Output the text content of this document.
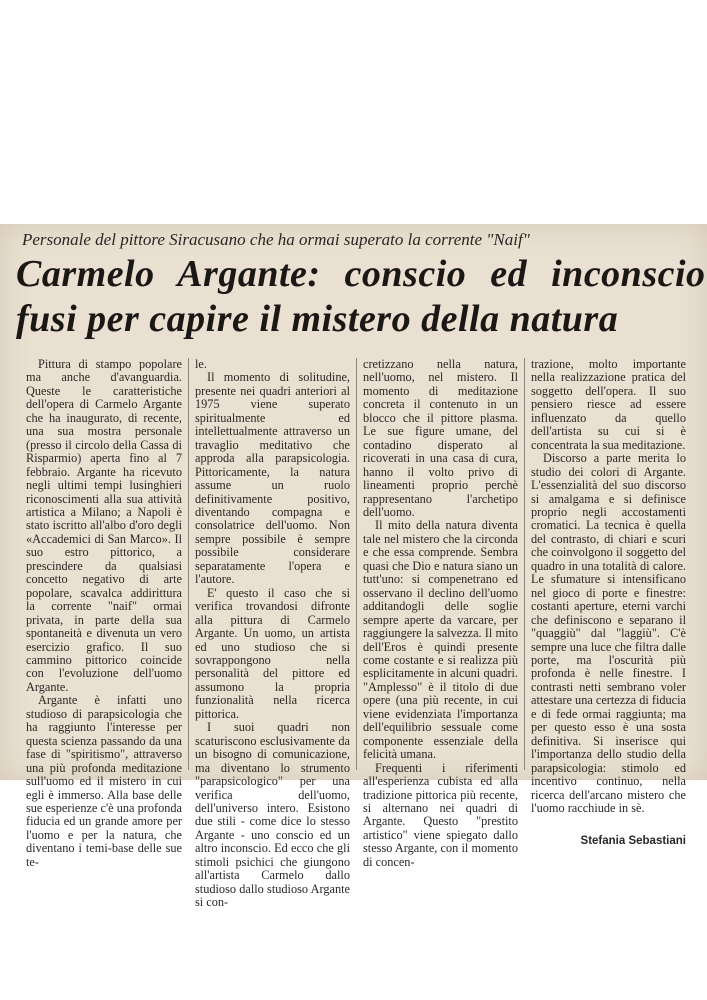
Personale del pittore Siracusano che ha ormai superato la corrente "Naif"
Carmelo Argante: conscio ed inconscio
fusi per capire il mistero della natura

Pittura di stampo popolare ma anche d'avanguardia. Queste le caratteristiche dell'opera di Carmelo Argante che ha inaugurato, di recente, una sua mostra personale (presso il circolo della Cassa di Risparmio) aperta fino al 7 febbraio. Argante ha ricevuto negli ultimi tempi lusinghieri riconoscimenti alla sua attività artistica a Milano; a Napoli è stato iscritto all'albo d'oro degli «Accademici di San Marco». Il suo estro pittorico, a prescindere da qualsiasi concetto negativo di arte popolare, scavalca addirittura la corrente "naif" ormai privata, in parte della sua spontaneità e divenuta un vero esercizio grafico. Il suo cammino pittorico coincide con l'evoluzione dell'uomo Argante.

Argante è infatti uno studioso di parapsicologia che ha raggiunto l'interesse per questa scienza passando da una fase di "spiritismo", attraverso una più profonda meditazione sull'uomo ed il mistero in cui egli è immerso. Alla base delle sue esperienze c'è una profonda fiducia ed un grande amore per l'uomo e per la natura, che diventano i temi-base delle sue te-

le.

Il momento di solitudine, presente nei quadri anteriori al 1975 viene superato spiritualmente ed intellettualmente attraverso un travaglio meditativo che approda alla parapsicologia. Pittoricamente, la natura assume un ruolo definitivamente positivo, diventando compagna e consolatrice dell'uomo. Non sempre possibile è sempre possibile considerare separatamente l'opera e l'autore.

E' questo il caso che si verifica trovandosi difronte alla pittura di Carmelo Argante. Un uomo, un artista ed uno studioso che si sovrappongono nella personalità del pittore ed assumono la propria funzionalità nella ricerca pittorica.

I suoi quadri non scaturiscono esclusivamente da un bisogno di comunicazione, ma diventano lo strumento "parapsicologico" per una verifica dell'uomo, dell'universo intero. Esistono due stili - come dice lo stesso Argante - uno conscio ed un altro inconscio. Ed ecco che gli stimoli psichici che giungono all'artista Carmelo dallo studioso dallo studioso Argante si con-

cretizzano nella natura, nell'uomo, nel mistero. Il momento di meditazione concreta il contenuto in un blocco che il pittore plasma. Le sue figure umane, del contadino disperato al ricoverati in una casa di cura, hanno il volto privo di lineamenti proprio perchè rappresentano l'archetipo dell'uomo.

Il mito della natura diventa tale nel mistero che la circonda e che essa comprende. Sembra quasi che Dio e natura siano un tutt'uno: si compenetrano ed osservano il declino dell'uomo additandogli delle soglie sempre aperte da varcare, per raggiungere la salvezza. Il mito dell'Eros è quindi presente come costante e si realizza più esplicitamente in alcuni quadri. "Amplesso" è il titolo di due opere (una più recente, in cui viene evidenziata l'importanza dell'equilibrio sessuale come componente essenziale della felicità umana.

Frequenti i riferimenti all'esperienza cubista ed alla tradizione pittorica più recente, si alternano nei quadri di Argante. Questo "prestito artistico" viene spiegato dallo stesso Argante, con il momento di concen-

trazione, molto importante nella realizzazione pratica del soggetto dell'opera. Il suo pensiero riesce ad essere influenzato da quello dell'artista su cui si è concentrata la sua meditazione.

Discorso a parte merita lo studio dei colori di Argante. L'essenzialità del suo discorso si amalgama e si definisce proprio negli accostamenti cromatici. La tecnica è quella del contrasto, di chiari e scuri che coinvolgono il soggetto del quadro in una totalità di calore. Le sfumature si intensificano nel gioco di porte e finestre: costanti aperture, eterni varchi che definiscono e separano il "quaggiù" dal "laggiù". C'è sempre una luce che filtra dalle porte, ma l'oscurità più profonda è nelle finestre. I contrasti netti sembrano voler attestare una certezza di fiducia e di fede ormai raggiunta; ma per questo esso è una sosta definitiva. Si inserisce qui l'importanza dello studio della parapsicologia: stimolo ed incentivo continuo, nella ricerca dell'arcano mistero che l'uomo racchiude in sè.

Stefania Sebastiani
